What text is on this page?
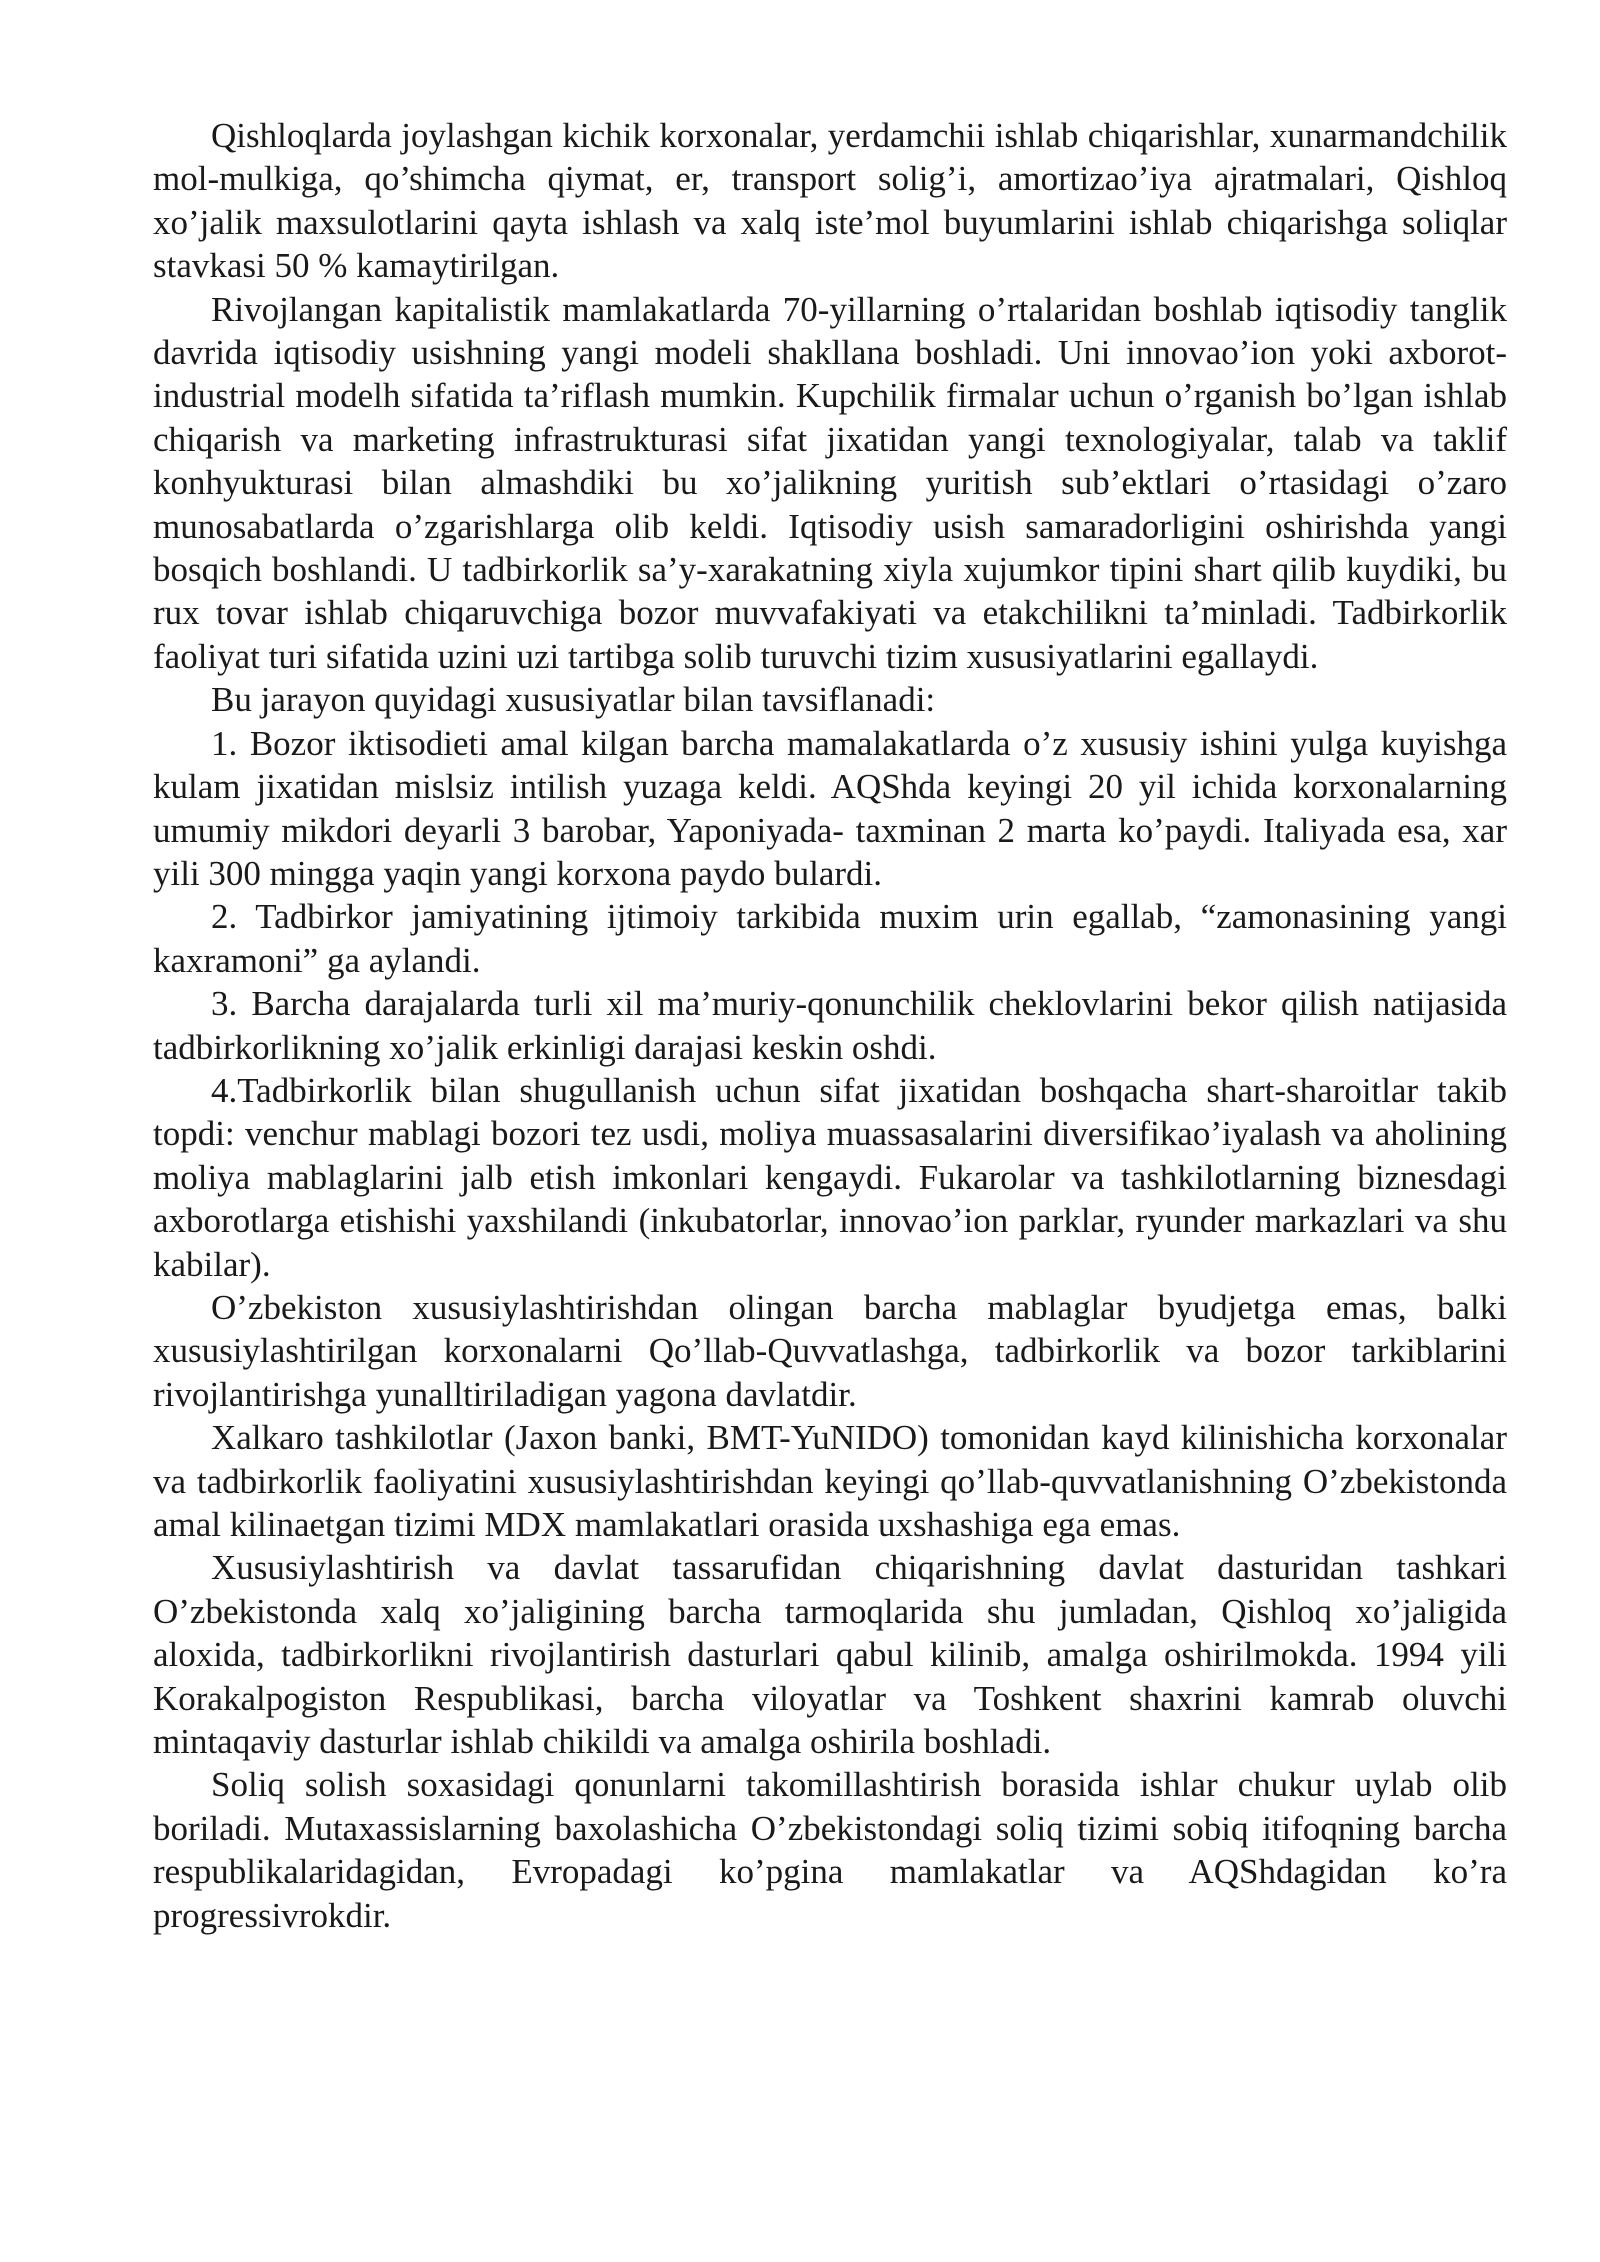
Qishloqlarda joylashgan kichik korxonalar, yerdamchii ishlab chiqarishlar, xunarmandchilik mol-mulkiga, qo’shimcha qiymat, er, transport solig’i, amortizao’iya ajratmalari, Qishloq xo’jalik maxsulotlarini qayta ishlash va xalq iste’mol buyumlarini ishlab chiqarishga soliqlar stavkasi 50 % kamaytirilgan.

Rivojlangan kapitalistik mamlakatlarda 70-yillarning o’rtalaridan boshlab iqtisodiy tanglik davrida iqtisodiy usishning yangi modeli shakllana boshladi. Uni innovao’ion yoki axborot-industrial modelh sifatida ta’riflash mumkin. Kupchilik firmalar uchun o’rganish bo’lgan ishlab chiqarish va marketing infrastrukturasi sifat jixatidan yangi texnologiyalar, talab va taklif konhyukturasi bilan almashdiki bu xo’jalikning yuritish sub’ektlari o’rtasidagi o’zaro munosabatlarda o’zgarishlarga olib keldi. Iqtisodiy usish samaradorligini oshirishda yangi bosqich boshlandi. U tadbirkorlik sa’y-xarakatning xiyla xujumkor tipini shart qilib kuydiki, bu rux tovar ishlab chiqaruvchiga bozor muvvafakiyati va etakchilikni ta’minladi. Tadbirkorlik faoliyat turi sifatida uzini uzi tartibga solib turuvchi tizim xususiyatlarini egallaydi.

Bu jarayon quyidagi xususiyatlar bilan tavsiflanadi:

1. Bozor iktisodieti amal kilgan barcha mamalakatlarda o’z xususiy ishini yulga kuyishga kulam jixatidan mislsiz intilish yuzaga keldi. AQShda keyingi 20 yil ichida korxonalarning umumiy mikdori deyarli 3 barobar, Yaponiyada- taxminan 2 marta ko’paydi. Italiyada esa, xar yili 300 mingga yaqin yangi korxona paydo bulardi.

2. Tadbirkor jamiyatining ijtimoiy tarkibida muxim urin egallab, “zamonasining yangi kaxramoni” ga aylandi.

3. Barcha darajalarda turli xil ma’muriy-qonunchilik cheklovlarini bekor qilish natijasida tadbirkorlikning xo’jalik erkinligi darajasi keskin oshdi.

4.Tadbirkorlik bilan shugullanish uchun sifat jixatidan boshqacha shart-sharoitlar takib topdi: venchur mablagi bozori tez usdi, moliya muassasalarini diversifikao’iyalash va aholining moliya mablaglarini jalb etish imkonlari kengaydi. Fukarolar va tashkilotlarning biznesdagi axborotlarga etishishi yaxshilandi (inkubatorlar, innovao’ion parklar, ryunder markazlari va shu kabilar).

O’zbekiston xususiylashtirishdan olingan barcha mablaglar byudjetga emas, balki xususiylashtirilgan korxonalarni Qo’llab-Quvvatlashga, tadbirkorlik va bozor tarkiblarini rivojlantirishga yunalltiriladigan yagona davlatdir.

Xalkaro tashkilotlar (Jaxon banki, BMT-YuNIDO) tomonidan kayd kilinishicha korxonalar va tadbirkorlik faoliyatini xususiylashtirishdan keyingi qo’llab-quvvatlanishning O’zbekistonda amal kilinaetgan tizimi MDX mamlakatlari orasida uxshashiga ega emas.

Xususiylashtirish va davlat tassarufidan chiqarishning davlat dasturidan tashkari O’zbekistonda xalq xo’jaligining barcha tarmoqlarida shu jumladan, Qishloq xo’jaligida aloxida, tadbirkorlikni rivojlantirish dasturlari qabul kilinib, amalga oshirilmokda. 1994 yili Korakalpogiston Respublikasi, barcha viloyatlar va Toshkent shaxrini kamrab oluvchi mintaqaviy dasturlar ishlab chikildi va amalga oshirila boshladi.

Soliq solish soxasidagi qonunlarni takomillashtirish borasida ishlar chukur uylab olib boriladi. Mutaxassislarning baxolashicha O’zbekistondagi soliq tizimi sobiq itifoqning barcha respublikalaridagidan, Evropadagi ko’pgina mamlakatlar va AQShdagidan ko’ra progressivrokdir.
